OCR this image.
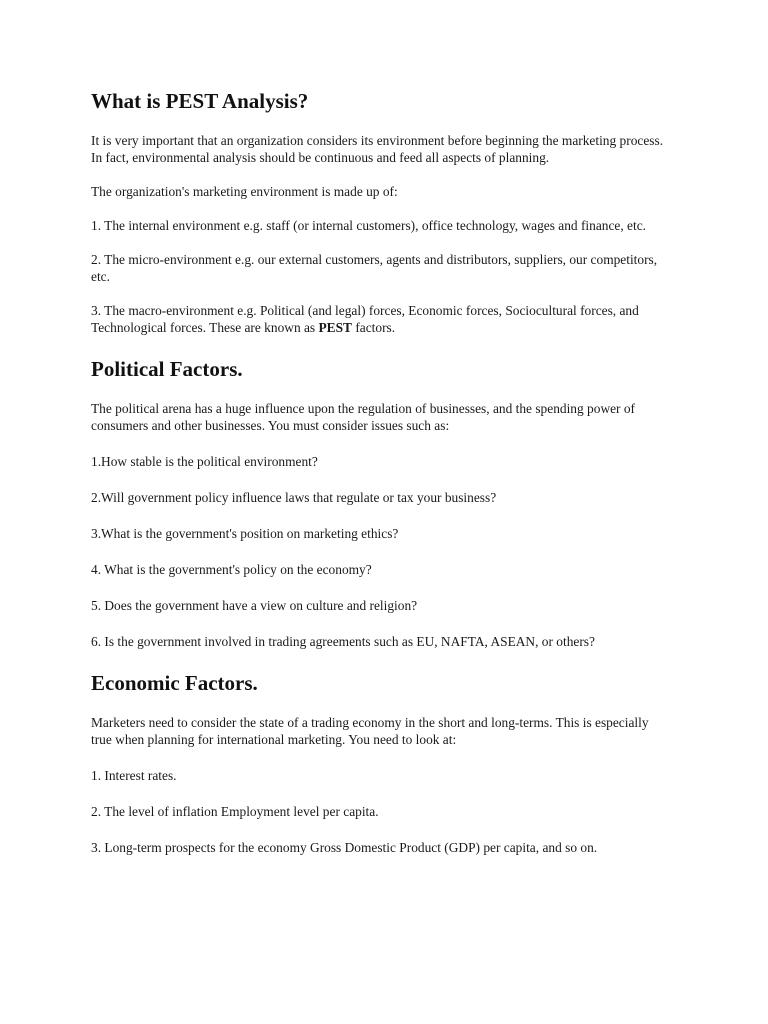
What is PEST Analysis?

It is very important that an organization considers its environment before beginning the marketing process. In fact, environmental analysis should be continuous and feed all aspects of planning.

The organization's marketing environment is made up of:

1. The internal environment e.g. staff (or internal customers), office technology, wages and finance, etc.

2. The micro-environment e.g. our external customers, agents and distributors, suppliers, our competitors, etc.

3. The macro-environment e.g. Political (and legal) forces, Economic forces, Sociocultural forces, and Technological forces. These are known as PEST factors.

Political Factors.

The political arena has a huge influence upon the regulation of businesses, and the spending power of consumers and other businesses. You must consider issues such as:

1.How stable is the political environment?

2.Will government policy influence laws that regulate or tax your business?

3.What is the government's position on marketing ethics?

4. What is the government's policy on the economy?

5. Does the government have a view on culture and religion?

6. Is the government involved in trading agreements such as EU, NAFTA, ASEAN, or others?

Economic Factors.

Marketers need to consider the state of a trading economy in the short and long-terms. This is especially true when planning for international marketing. You need to look at:

1. Interest rates.

2. The level of inflation Employment level per capita.

3. Long-term prospects for the economy Gross Domestic Product (GDP) per capita, and so on.
